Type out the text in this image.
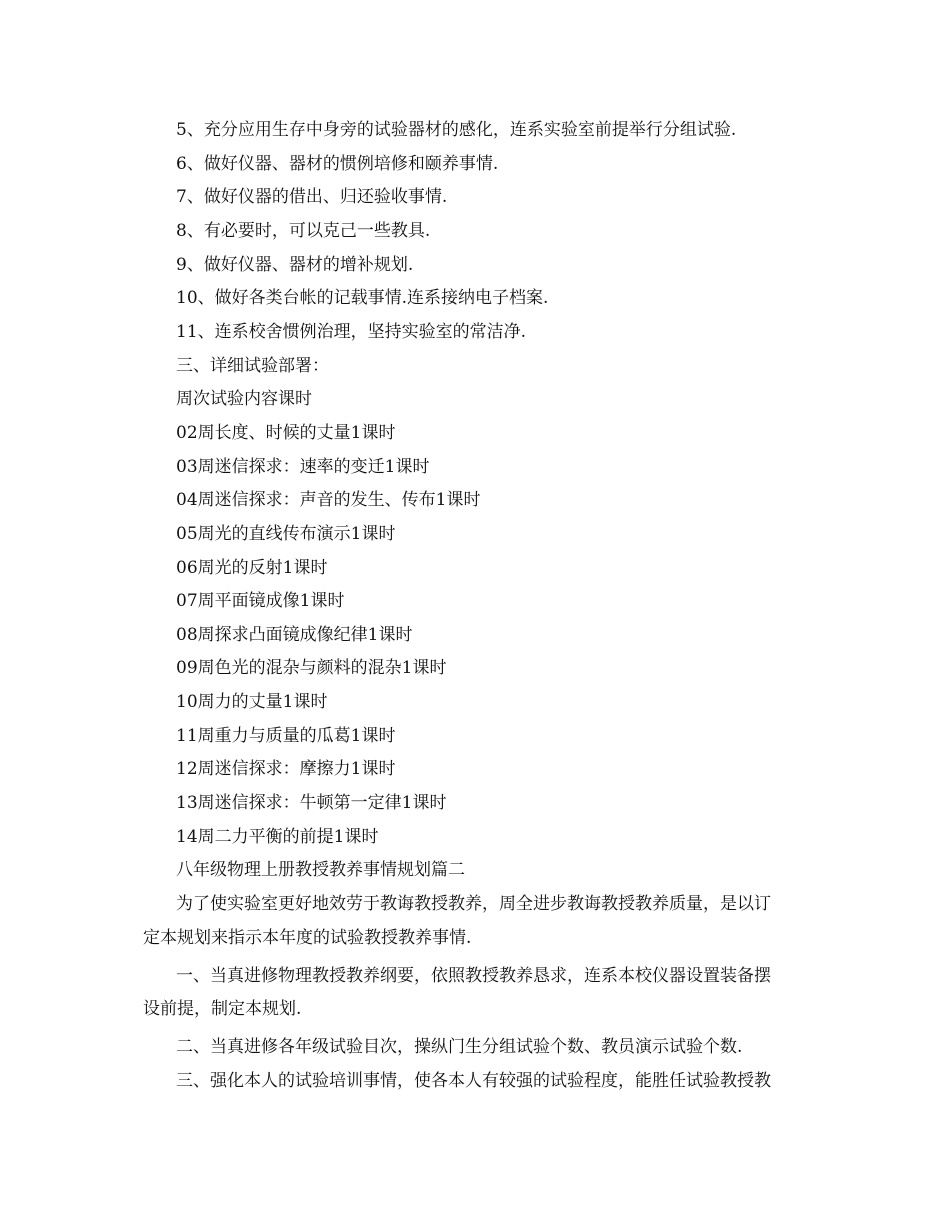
5、充分应用生存中身旁的试验器材的感化，连系实验室前提举行分组试验.
6、做好仪器、器材的惯例培修和颐养事情.
7、做好仪器的借出、归还验收事情.
8、有必要时，可以克己一些教具.
9、做好仪器、器材的增补规划.
10、做好各类台帐的记载事情.连系接纳电子档案.
11、连系校舍惯例治理，坚持实验室的常洁净.
三、详细试验部署：
周次试验内容课时
02周长度、时候的丈量1课时
03周迷信探求：速率的变迁1课时
04周迷信探求：声音的发生、传布1课时
05周光的直线传布演示1课时
06周光的反射1课时
07周平面镜成像1课时
08周探求凸面镜成像纪律1课时
09周色光的混杂与颜料的混杂1课时
10周力的丈量1课时
11周重力与质量的瓜葛1课时
12周迷信探求：摩擦力1课时
13周迷信探求：牛顿第一定律1课时
14周二力平衡的前提1课时
八年级物理上册教授教养事情规划篇二
为了使实验室更好地效劳于教诲教授教养，周全进步教诲教授教养质量，是以订
定本规划来指示本年度的试验教授教养事情.
一、当真进修物理教授教养纲要，依照教授教养恳求，连系本校仪器设置装备摆
设前提，制定本规划.
二、当真进修各年级试验目次，操纵门生分组试验个数、教员演示试验个数.
三、强化本人的试验培训事情，使各本人有较强的试验程度，能胜任试验教授教
